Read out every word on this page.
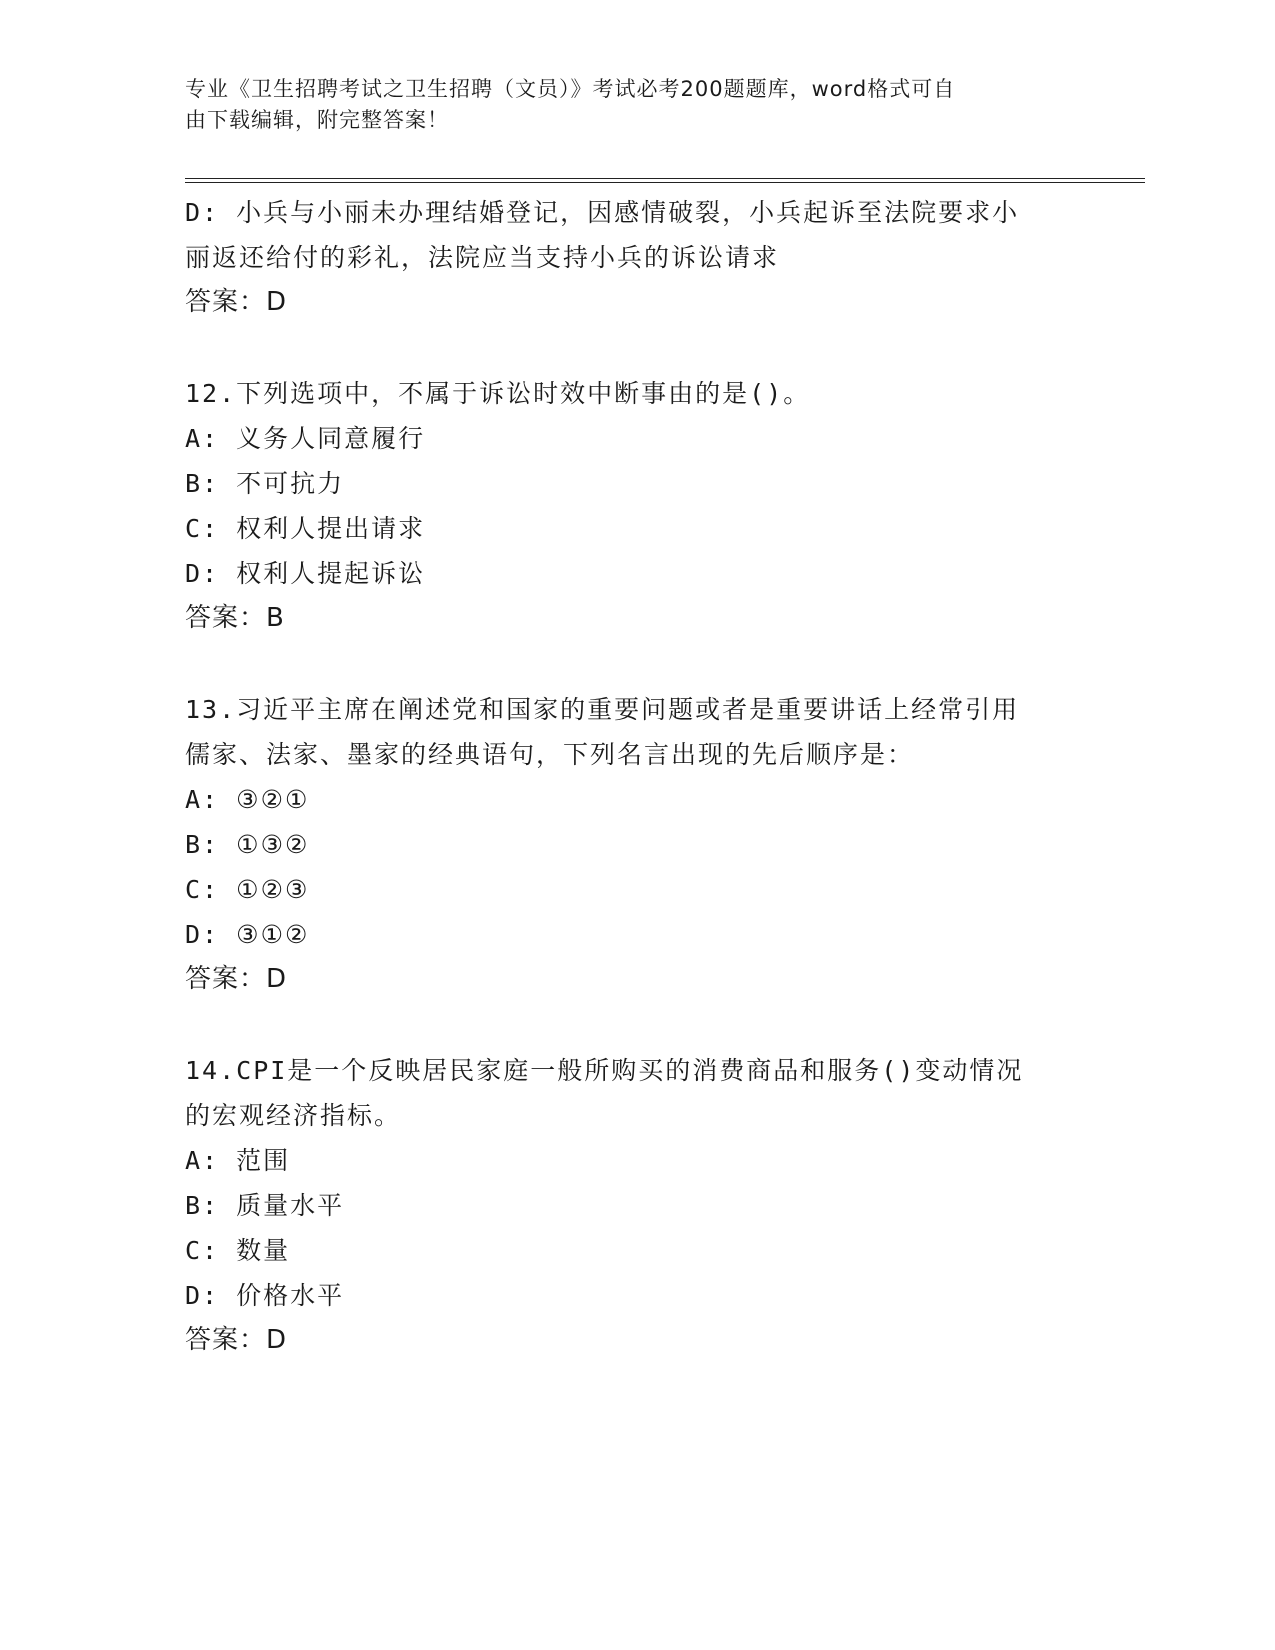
专业《卫生招聘考试之卫生招聘（文员）》考试必考200题题库，word格式可自
由下载编辑，附完整答案！

D: 小兵与小丽未办理结婚登记，因感情破裂，小兵起诉至法院要求小

丽返还给付的彩礼，法院应当支持小兵的诉讼请求

答案：D

12.下列选项中，不属于诉讼时效中断事由的是()。

A: 义务人同意履行

B: 不可抗力

C: 权利人提出请求

D: 权利人提起诉讼

答案：B

13.习近平主席在阐述党和国家的重要问题或者是重要讲话上经常引用

儒家、法家、墨家的经典语句，下列名言出现的先后顺序是：

A: ③②①

B: ①③②

C: ①②③

D: ③①②

答案：D

14.CPI是一个反映居民家庭一般所购买的消费商品和服务()变动情况

的宏观经济指标。

A: 范围

B: 质量水平

C: 数量

D: 价格水平

答案：D
